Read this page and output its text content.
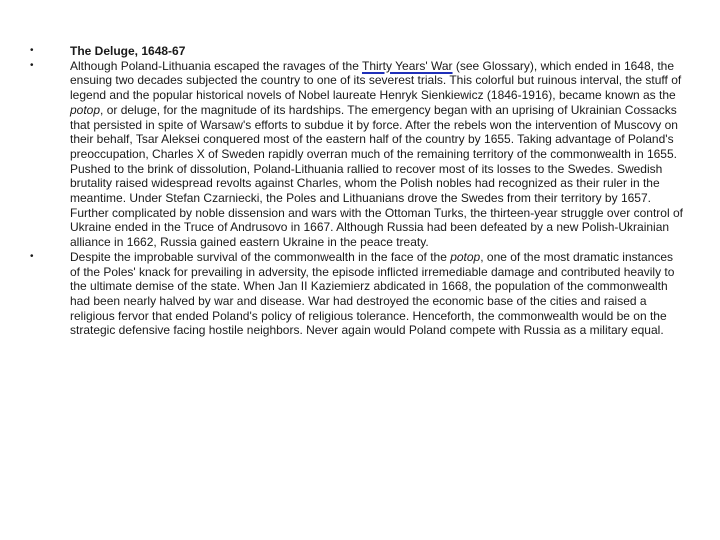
•	The Deluge, 1648-67
•	Although Poland-Lithuania escaped the ravages of the Thirty Years' War (see Glossary), which ended in 1648, the ensuing two decades subjected the country to one of its severest trials. This colorful but ruinous interval, the stuff of legend and the popular historical novels of Nobel laureate Henryk Sienkiewicz (1846-1916), became known as the potop, or deluge, for the magnitude of its hardships. The emergency began with an uprising of Ukrainian Cossacks that persisted in spite of Warsaw's efforts to subdue it by force. After the rebels won the intervention of Muscovy on their behalf, Tsar Aleksei conquered most of the eastern half of the country by 1655. Taking advantage of Poland's preoccupation, Charles X of Sweden rapidly overran much of the remaining territory of the commonwealth in 1655. Pushed to the brink of dissolution, Poland-Lithuania rallied to recover most of its losses to the Swedes. Swedish brutality raised widespread revolts against Charles, whom the Polish nobles had recognized as their ruler in the meantime. Under Stefan Czarniecki, the Poles and Lithuanians drove the Swedes from their territory by 1657. Further complicated by noble dissension and wars with the Ottoman Turks, the thirteen-year struggle over control of Ukraine ended in the Truce of Andrusovo in 1667. Although Russia had been defeated by a new Polish-Ukrainian alliance in 1662, Russia gained eastern Ukraine in the peace treaty.
•	Despite the improbable survival of the commonwealth in the face of the potop, one of the most dramatic instances of the Poles' knack for prevailing in adversity, the episode inflicted irremediable damage and contributed heavily to the ultimate demise of the state. When Jan II Kaziemierz abdicated in 1668, the population of the commonwealth had been nearly halved by war and disease. War had destroyed the economic base of the cities and raised a religious fervor that ended Poland's policy of religious tolerance. Henceforth, the commonwealth would be on the strategic defensive facing hostile neighbors. Never again would Poland compete with Russia as a military equal.
